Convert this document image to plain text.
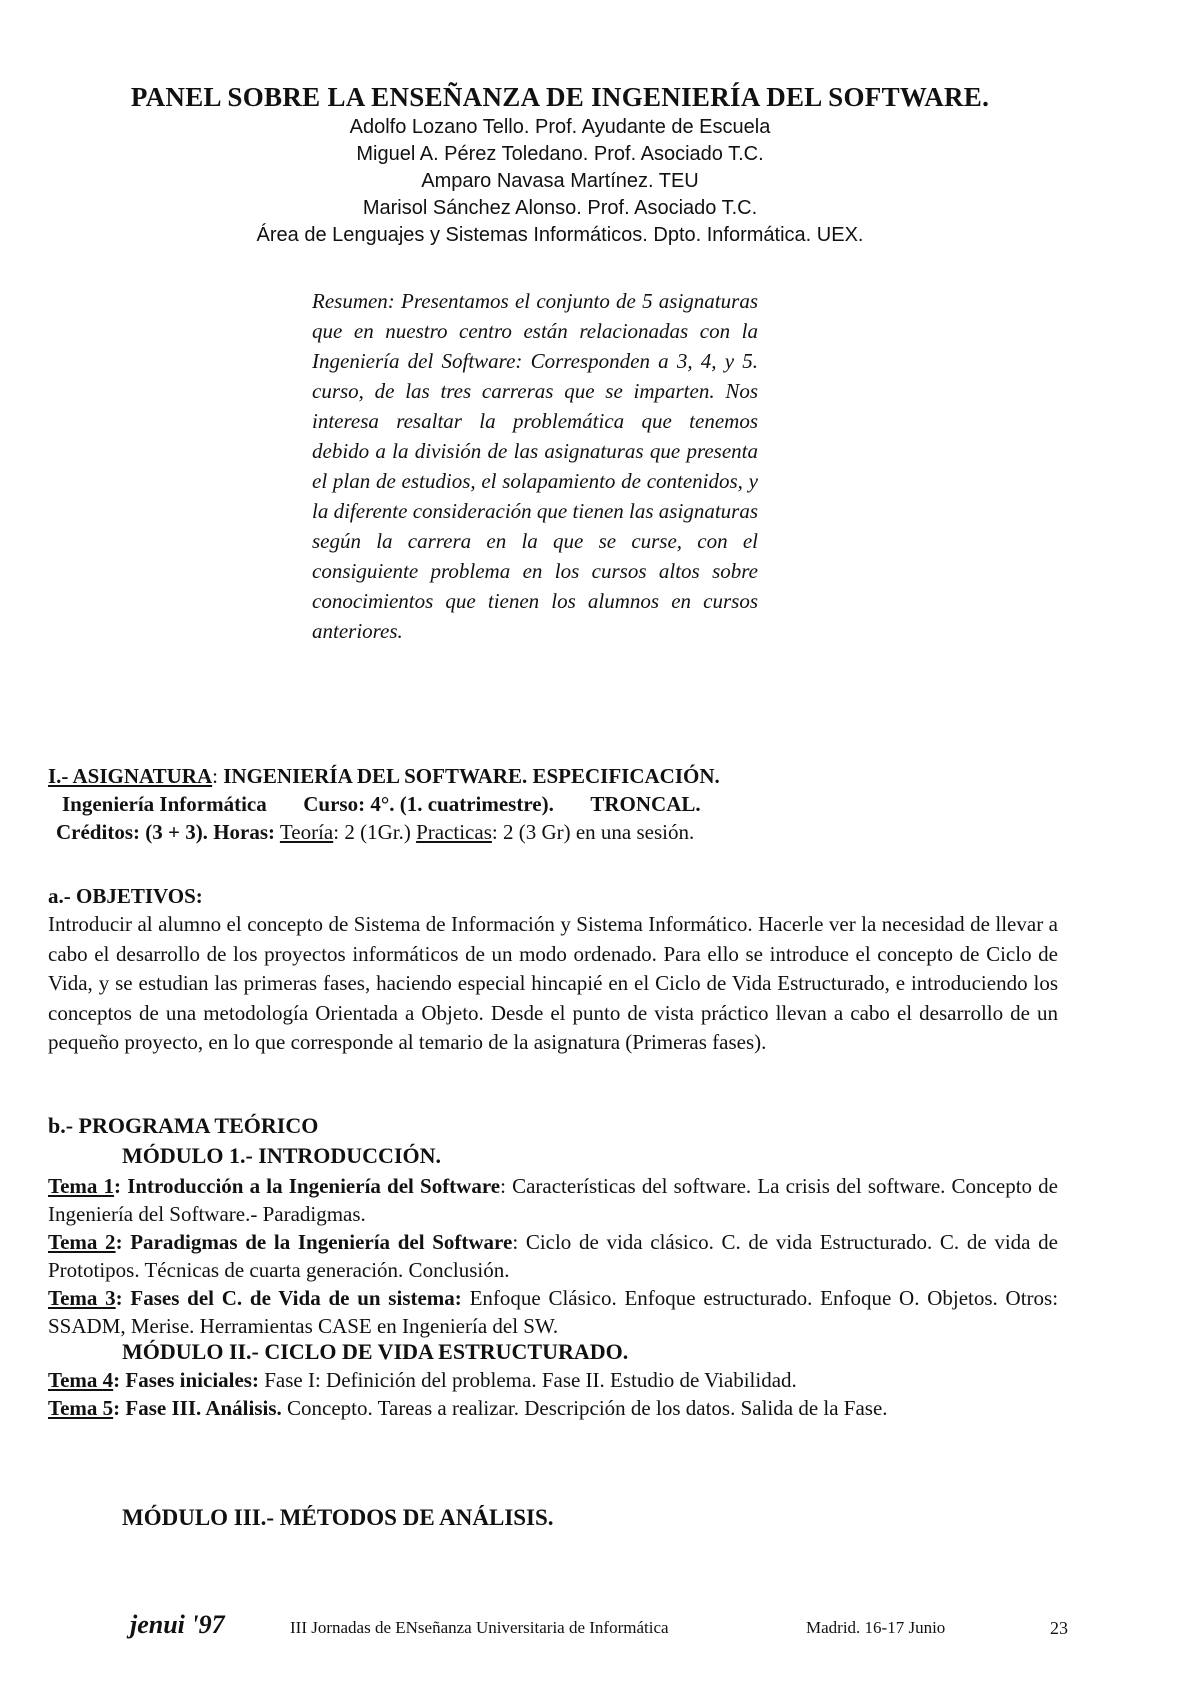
PANEL SOBRE LA ENSEÑANZA DE INGENIERÍA DEL SOFTWARE.
Adolfo Lozano Tello. Prof. Ayudante de Escuela
Miguel A. Pérez Toledano. Prof. Asociado T.C.
Amparo Navasa Martínez. TEU
Marisol Sánchez Alonso. Prof. Asociado T.C.
Área de Lenguajes y Sistemas Informáticos. Dpto. Informática. UEX.
Resumen: Presentamos el conjunto de 5 asignaturas que en nuestro centro están relacionadas con la Ingeniería del Software: Corresponden a 3, 4, y 5. curso, de las tres carreras que se imparten. Nos interesa resaltar la problemática que tenemos debido a la división de las asignaturas que presenta el plan de estudios, el solapamiento de contenidos, y la diferente consideración que tienen las asignaturas según la carrera en la que se curse, con el consiguiente problema en los cursos altos sobre conocimientos que tienen los alumnos en cursos anteriores.
I.- ASIGNATURA: INGENIERÍA DEL SOFTWARE. ESPECIFICACIÓN.
Ingeniería Informática Curso: 4°. (1. cuatrimestre). TRONCAL.
Créditos: (3 + 3). Horas: Teoría: 2 (1Gr.) Practicas: 2 (3 Gr) en una sesión.
a.- OBJETIVOS:
Introducir al alumno el concepto de Sistema de Información y Sistema Informático. Hacerle ver la necesidad de llevar a cabo el desarrollo de los proyectos informáticos de un modo ordenado. Para ello se introduce el concepto de Ciclo de Vida, y se estudian las primeras fases, haciendo especial hincapié en el Ciclo de Vida Estructurado, e introduciendo los conceptos de una metodología Orientada a Objeto. Desde el punto de vista práctico llevan a cabo el desarrollo de un pequeño proyecto, en lo que corresponde al temario de la asignatura (Primeras fases).
b.- PROGRAMA TEÓRICO
MÓDULO 1.- INTRODUCCIÓN.
Tema 1: Introducción a la Ingeniería del Software: Características del software. La crisis del software. Concepto de Ingeniería del Software.- Paradigmas.
Tema 2: Paradigmas de la Ingeniería del Software: Ciclo de vida clásico. C. de vida Estructurado. C. de vida de Prototipos. Técnicas de cuarta generación. Conclusión.
Tema 3: Fases del C. de Vida de un sistema: Enfoque Clásico. Enfoque estructurado. Enfoque O. Objetos. Otros: SSADM, Merise. Herramientas CASE en Ingeniería del SW.
MÓDULO II.- CICLO DE VIDA ESTRUCTURADO.
Tema 4: Fases iniciales: Fase I: Definición del problema. Fase II. Estudio de Viabilidad.
Tema 5: Fase III. Análisis. Concepto. Tareas a realizar. Descripción de los datos. Salida de la Fase.
MÓDULO III.- MÉTODOS DE ANÁLISIS.
jenui '97	III Jornadas de ENseñanza Universitaria de Informática	Madrid. 16-17 Junio	23
